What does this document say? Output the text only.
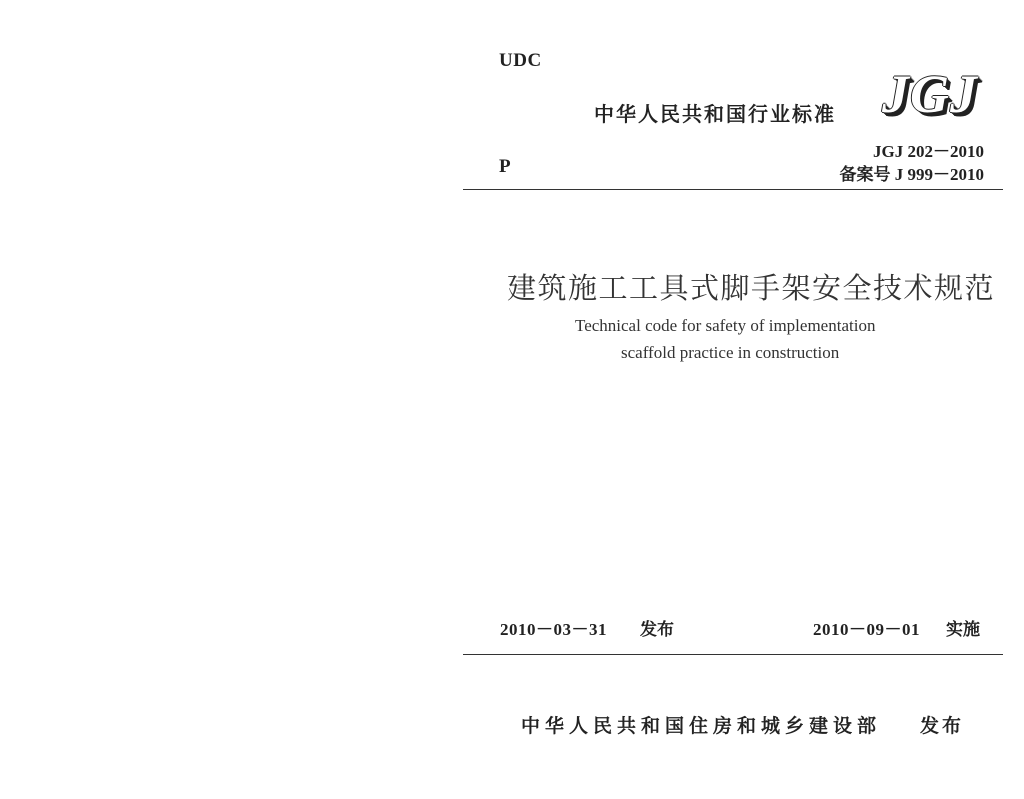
UDC
中华人民共和国行业标准 JGJ
JGJ 202－2010
P	备案号 J 999－2010
建筑施工工具式脚手架安全技术规范
Technical code for safety of implementation
scaffold practice in construction
2010－03－31 发布	2010－09－01 实施
中华人民共和国住房和城乡建设部 发布
